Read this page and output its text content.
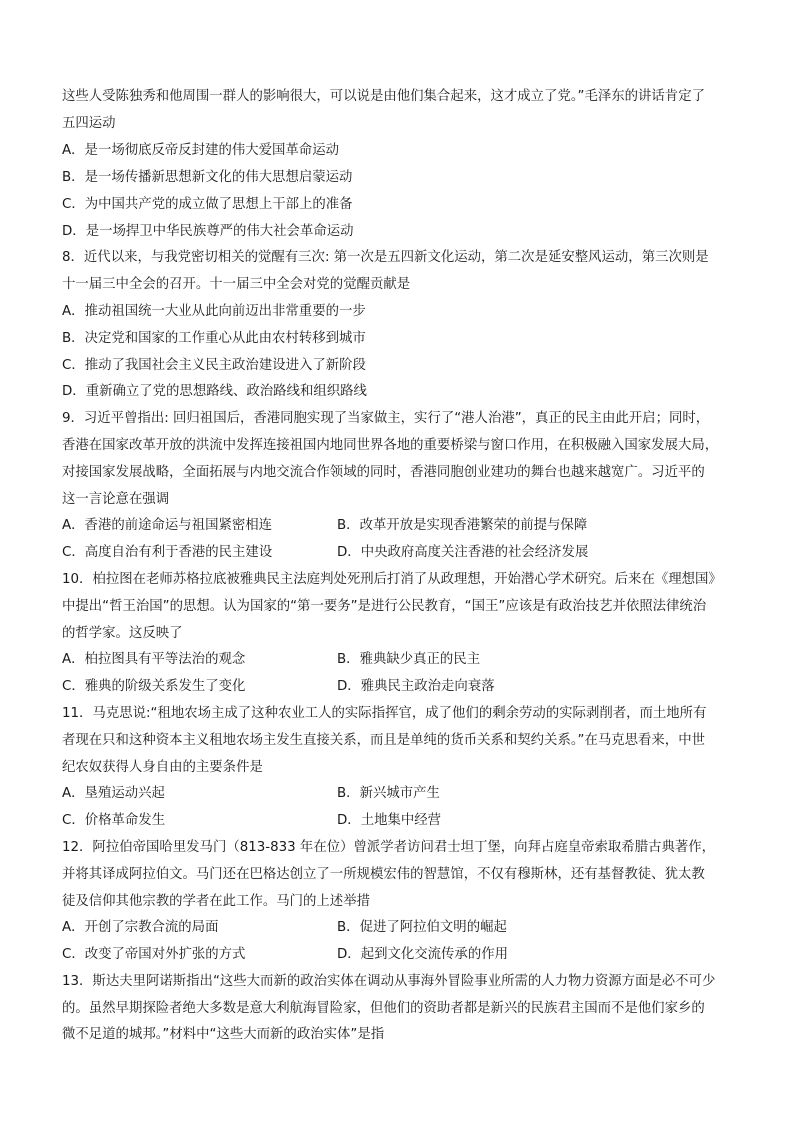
这些人受陈独秀和他周围一群人的影响很大，可以说是由他们集合起来，这才成立了党。”毛泽东的讲话肯定了
五四运动
A．是一场彻底反帝反封建的伟大爱国革命运动
B．是一场传播新思想新文化的伟大思想启蒙运动
C．为中国共产党的成立做了思想上干部上的准备
D．是一场捍卫中华民族尊严的伟大社会革命运动
8．近代以来，与我党密切相关的觉醒有三次: 第一次是五四新文化运动，第二次是延安整风运动，第三次则是
十一届三中全会的召开。十一届三中全会对党的觉醒贡献是
A．推动祖国统一大业从此向前迈出非常重要的一步
B．决定党和国家的工作重心从此由农村转移到城市
C．推动了我国社会主义民主政治建设进入了新阶段
D．重新确立了党的思想路线、政治路线和组织路线
9．习近平曾指出: 回归祖国后，香港同胞实现了当家做主，实行了“港人治港”，真正的民主由此开启；同时，
香港在国家改革开放的洪流中发挥连接祖国内地同世界各地的重要桥梁与窗口作用，在积极融入国家发展大局，
对接国家发展战略，全面拓展与内地交流合作领域的同时，香港同胞创业建功的舞台也越来越宽广。习近平的
这一言论意在强调
A．香港的前途命运与祖国紧密相连	B．改革开放是实现香港繁荣的前提与保障
C．高度自治有利于香港的民主建设	D．中央政府高度关注香港的社会经济发展
10．柏拉图在老师苏格拉底被雅典民主法庭判处死刑后打消了从政理想，开始潜心学术研究。后来在《理想国》
中提出“哲王治国”的思想。认为国家的“第一要务”是进行公民教育，“国王”应该是有政治技艺并依照法律统治
的哲学家。这反映了
A．柏拉图具有平等法治的观念	B．雅典缺少真正的民主
C．雅典的阶级关系发生了变化	D．雅典民主政治走向衰落
11．马克思说:“租地农场主成了这种农业工人的实际指挥官，成了他们的剩余劳动的实际剥削者，而土地所有
者现在只和这种资本主义租地农场主发生直接关系，而且是单纯的货币关系和契约关系。”在马克思看来，中世
纪农奴获得人身自由的主要条件是
A．垦殖运动兴起	B．新兴城市产生
C．价格革命发生	D．土地集中经营
12．阿拉伯帝国哈里发马门（813-833 年在位）曾派学者访问君士坦丁堡，向拜占庭皇帝索取希腊古典著作，
并将其译成阿拉伯文。马门还在巴格达创立了一所规模宏伟的智慧馆，不仅有穆斯林，还有基督教徒、犹太教
徒及信仰其他宗教的学者在此工作。马门的上述举措
A．开创了宗教合流的局面	B．促进了阿拉伯文明的崛起
C．改变了帝国对外扩张的方式	D．起到文化交流传承的作用
13．斯达夫里阿诺斯指出“这些大而新的政治实体在调动从事海外冒险事业所需的人力物力资源方面是必不可少
的。虽然早期探险者绝大多数是意大利航海冒险家，但他们的资助者都是新兴的民族君主国而不是他们家乡的
微不足道的城邦。”材料中“这些大而新的政治实体”是指
